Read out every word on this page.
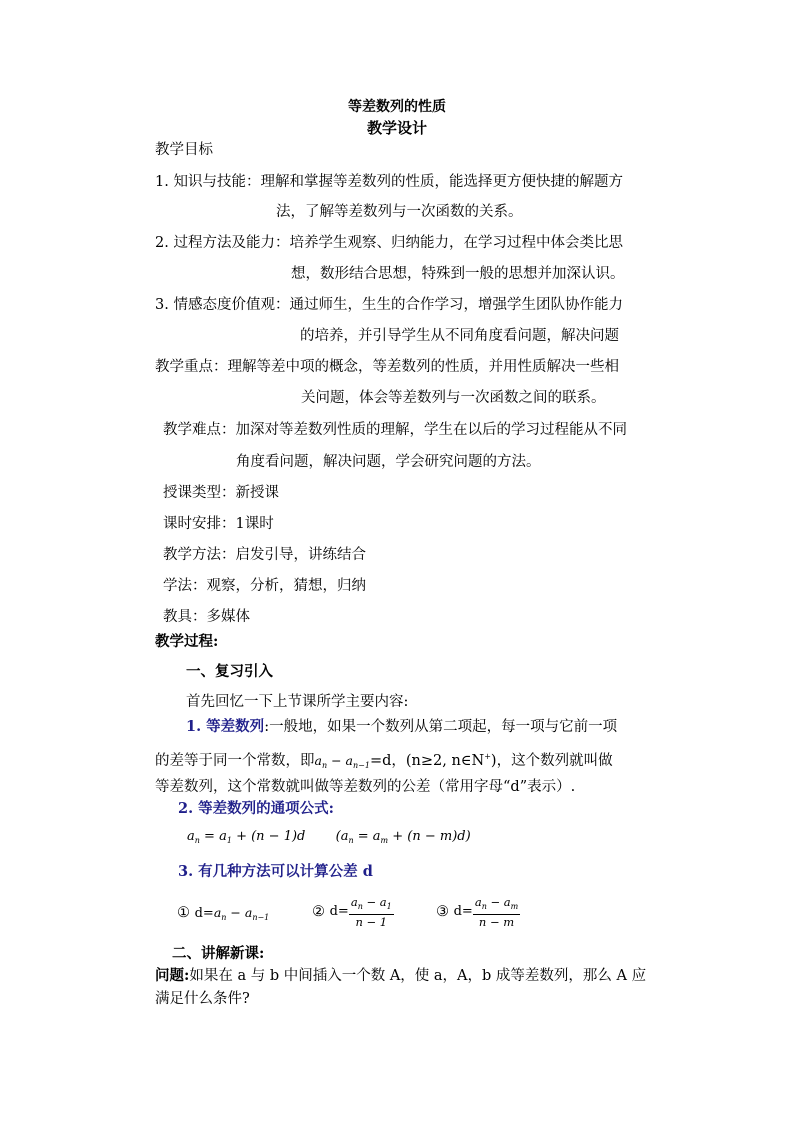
等差数列的性质
教学设计
教学目标
1. 知识与技能：理解和掌握等差数列的性质，能选择更方便快捷的解题方
法，了解等差数列与一次函数的关系。
2. 过程方法及能力：培养学生观察、归纳能力，在学习过程中体会类比思
想，数形结合思想，特殊到一般的思想并加深认识。
3. 情感态度价值观：通过师生，生生的合作学习，增强学生团队协作能力
的培养，并引导学生从不同角度看问题，解决问题
教学重点：理解等差中项的概念，等差数列的性质，并用性质解决一些相
关问题，体会等差数列与一次函数之间的联系。
教学难点：加深对等差数列性质的理解，学生在以后的学习过程能从不同
角度看问题，解决问题，学会研究问题的方法。
授课类型：新授课
课时安排：1课时
教学方法：启发引导，讲练结合
学法：观察，分析，猜想，归纳
教具：多媒体
教学过程:
一、复习引入
首先回忆一下上节课所学主要内容:
1. 等差数列:一般地，如果一个数列从第二项起，每一项与它前一项
的差等于同一个常数，即$a_n - a_{n-1}=d$，(n≥2, n∈N+)，这个数列就叫做
等差数列，这个常数就叫做等差数列的公差（常用字母“d”表示）.
2. 等差数列的通项公式:
$a_n = a_1 + (n - 1)d$  $(a_n = a_m + (n - m)d)$
3. 有几种方法可以计算公差 d
① $d=a_n - a_{n-1}$	② $d= \frac{a_n - a_1}{n - 1}$	③ $d= \frac{a_n - a_m}{n - m}$
二、讲解新课:
问题:如果在 a 与 b 中间插入一个数 A，使 a，A，b 成等差数列，那么 A 应
满足什么条件?
